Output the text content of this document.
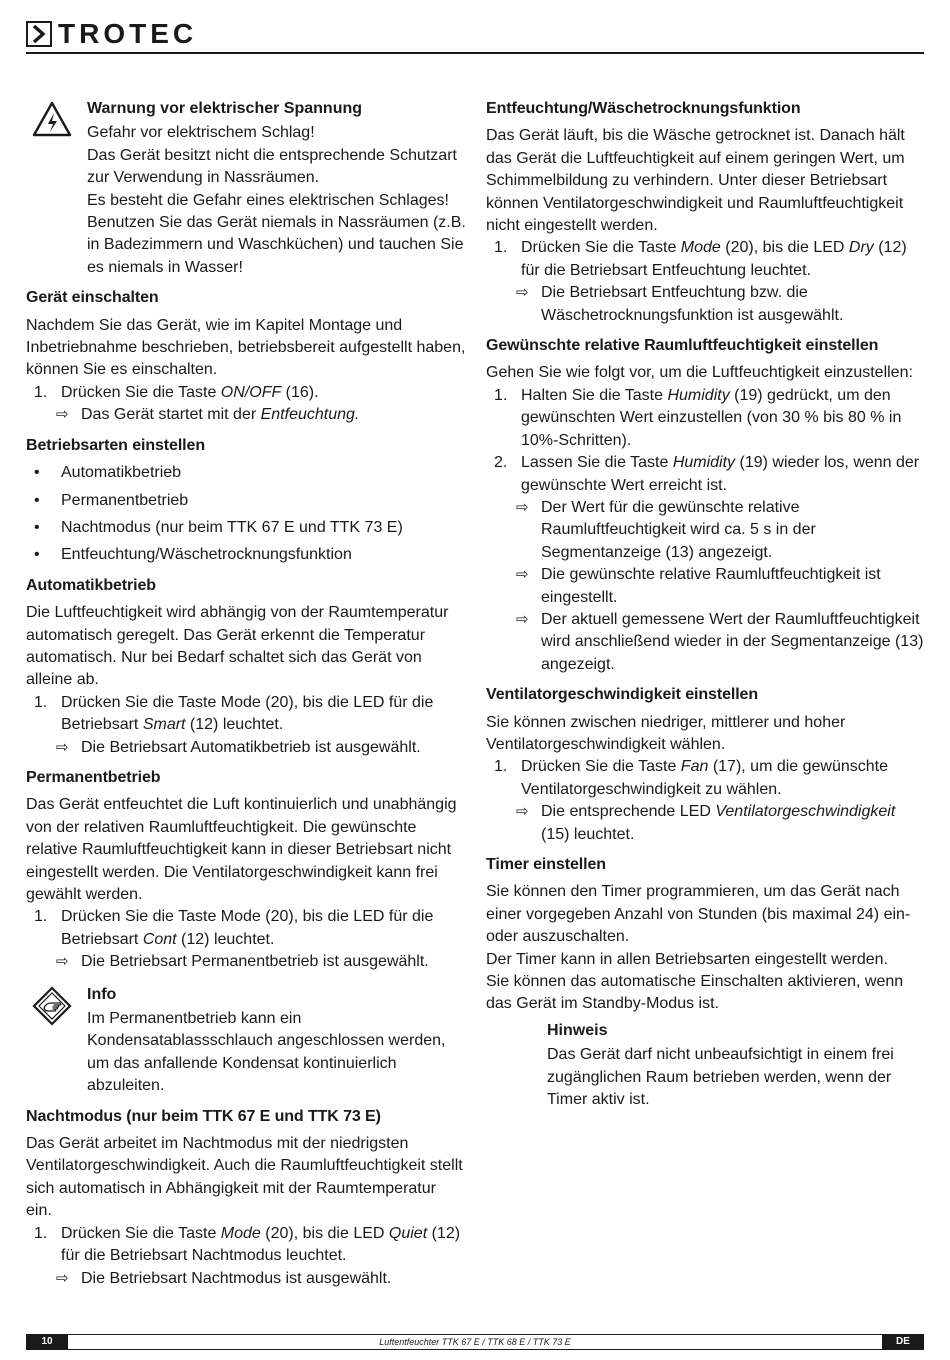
TROTEC
Warnung vor elektrischer Spannung
Gefahr vor elektrischem Schlag!
Das Gerät besitzt nicht die entsprechende Schutzart zur Verwendung in Nassräumen.
Es besteht die Gefahr eines elektrischen Schlages! Benutzen Sie das Gerät niemals in Nassräumen (z.B. in Badezimmern und Waschküchen) und tauchen Sie es niemals in Wasser!
Gerät einschalten
Nachdem Sie das Gerät, wie im Kapitel Montage und Inbetriebnahme beschrieben, betriebsbereit aufgestellt haben, können Sie es einschalten.
1. Drücken Sie die Taste ON/OFF (16).
⇨ Das Gerät startet mit der Entfeuchtung.
Betriebsarten einstellen
• Automatikbetrieb
• Permanentbetrieb
• Nachtmodus (nur beim TTK 67 E und TTK 73 E)
• Entfeuchtung/Wäschetrocknungsfunktion
Automatikbetrieb
Die Luftfeuchtigkeit wird abhängig von der Raumtemperatur automatisch geregelt. Das Gerät erkennt die Temperatur automatisch. Nur bei Bedarf schaltet sich das Gerät von alleine ab.
1. Drücken Sie die Taste Mode (20), bis die LED für die Betriebsart Smart (12) leuchtet.
⇨ Die Betriebsart Automatikbetrieb ist ausgewählt.
Permanentbetrieb
Das Gerät entfeuchtet die Luft kontinuierlich und unabhängig von der relativen Raumluftfeuchtigkeit. Die gewünschte relative Raumluftfeuchtigkeit kann in dieser Betriebsart nicht eingestellt werden. Die Ventilatorgeschwindigkeit kann frei gewählt werden.
1. Drücken Sie die Taste Mode (20), bis die LED für die Betriebsart Cont (12) leuchtet.
⇨ Die Betriebsart Permanentbetrieb ist ausgewählt.
Info
Im Permanentbetrieb kann ein Kondensatablassschlauch angeschlossen werden, um das anfallende Kondensat kontinuierlich abzuleiten.
Nachtmodus (nur beim TTK 67 E und TTK 73 E)
Das Gerät arbeitet im Nachtmodus mit der niedrigsten Ventilatorgeschwindigkeit. Auch die Raumluftfeuchtigkeit stellt sich automatisch in Abhängigkeit mit der Raumtemperatur ein.
1. Drücken Sie die Taste Mode (20), bis die LED Quiet (12) für die Betriebsart Nachtmodus leuchtet.
⇨ Die Betriebsart Nachtmodus ist ausgewählt.
Entfeuchtung/Wäschetrocknungsfunktion
Das Gerät läuft, bis die Wäsche getrocknet ist. Danach hält das Gerät die Luftfeuchtigkeit auf einem geringen Wert, um Schimmelbildung zu verhindern. Unter dieser Betriebsart können Ventilatorgeschwindigkeit und Raumluftfeuchtigkeit nicht eingestellt werden.
1. Drücken Sie die Taste Mode (20), bis die LED Dry (12) für die Betriebsart Entfeuchtung leuchtet.
⇨ Die Betriebsart Entfeuchtung bzw. die Wäschetrocknungsfunktion ist ausgewählt.
Gewünschte relative Raumluftfeuchtigkeit einstellen
Gehen Sie wie folgt vor, um die Luftfeuchtigkeit einzustellen:
1. Halten Sie die Taste Humidity (19) gedrückt, um den gewünschten Wert einzustellen (von 30 % bis 80 % in 10%-Schritten).
2. Lassen Sie die Taste Humidity (19) wieder los, wenn der gewünschte Wert erreicht ist.
⇨ Der Wert für die gewünschte relative Raumluftfeuchtigkeit wird ca. 5 s in der Segmentanzeige (13) angezeigt.
⇨ Die gewünschte relative Raumluftfeuchtigkeit ist eingestellt.
⇨ Der aktuell gemessene Wert der Raumluftfeuchtigkeit wird anschließend wieder in der Segmentanzeige (13) angezeigt.
Ventilatorgeschwindigkeit einstellen
Sie können zwischen niedriger, mittlerer und hoher Ventilatorgeschwindigkeit wählen.
1. Drücken Sie die Taste Fan (17), um die gewünschte Ventilatorgeschwindigkeit zu wählen.
⇨ Die entsprechende LED Ventilatorgeschwindigkeit (15) leuchtet.
Timer einstellen
Sie können den Timer programmieren, um das Gerät nach einer vorgegeben Anzahl von Stunden (bis maximal 24) ein- oder auszuschalten.
Der Timer kann in allen Betriebsarten eingestellt werden.
Sie können das automatische Einschalten aktivieren, wenn das Gerät im Standby-Modus ist.
Hinweis
Das Gerät darf nicht unbeaufsichtigt in einem frei zugänglichen Raum betrieben werden, wenn der Timer aktiv ist.
10	Luftentfeuchter TTK 67 E / TTK 68 E / TTK 73 E	DE
